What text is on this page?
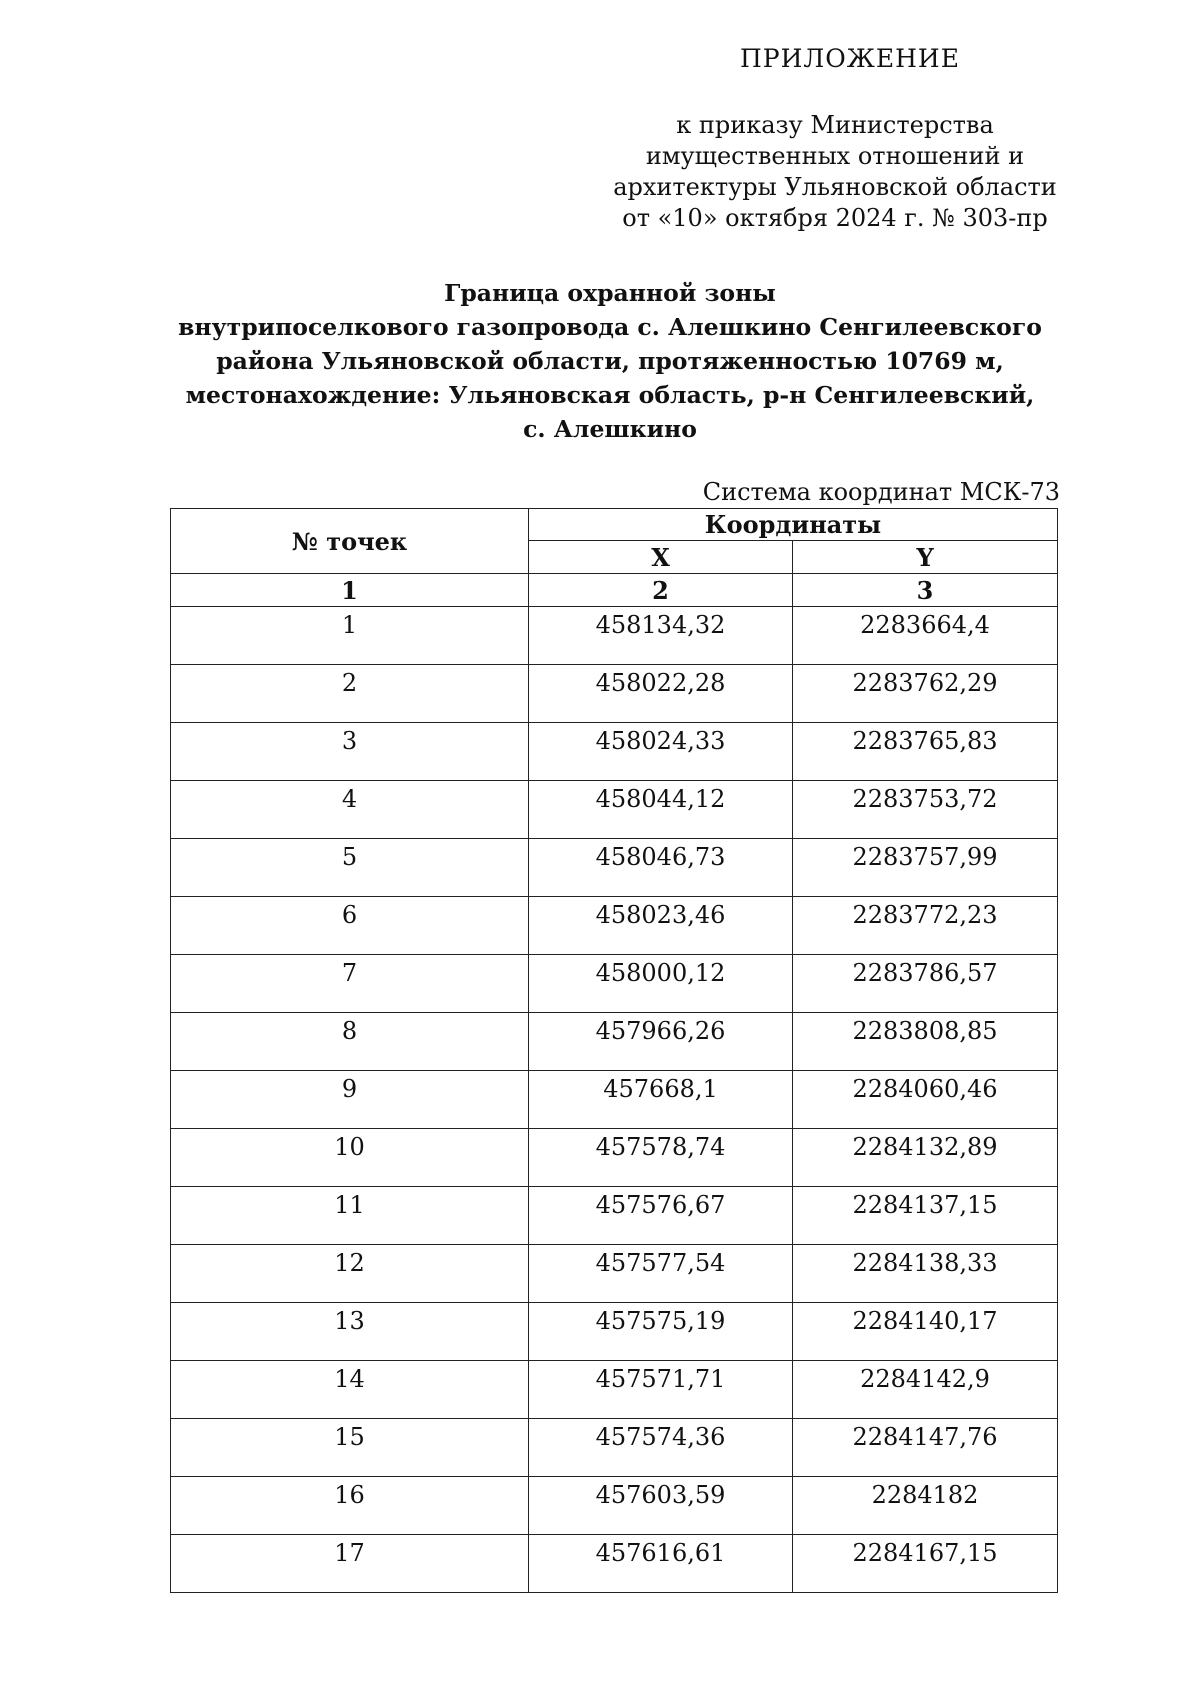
ПРИЛОЖЕНИЕ
к приказу Министерства
имущественных отношений и
архитектуры Ульяновской области
от «10» октября 2024 г. № 303-пр
Граница охранной зоны
внутрипоселкового газопровода с. Алешкино Сенгилеевского
района Ульяновской области, протяженностью 10769 м,
местонахождение: Ульяновская область, р-н Сенгилеевский,
с. Алешкино
Система координат МСК-73
№ точек	Координаты	
	X	Y
1	2	3
1	458134,32	2283664,4
2	458022,28	2283762,29
3	458024,33	2283765,83
4	458044,12	2283753,72
5	458046,73	2283757,99
6	458023,46	2283772,23
7	458000,12	2283786,57
8	457966,26	2283808,85
9	457668,1	2284060,46
10	457578,74	2284132,89
11	457576,67	2284137,15
12	457577,54	2284138,33
13	457575,19	2284140,17
14	457571,71	2284142,9
15	457574,36	2284147,76
16	457603,59	2284182
17	457616,61	2284167,15
